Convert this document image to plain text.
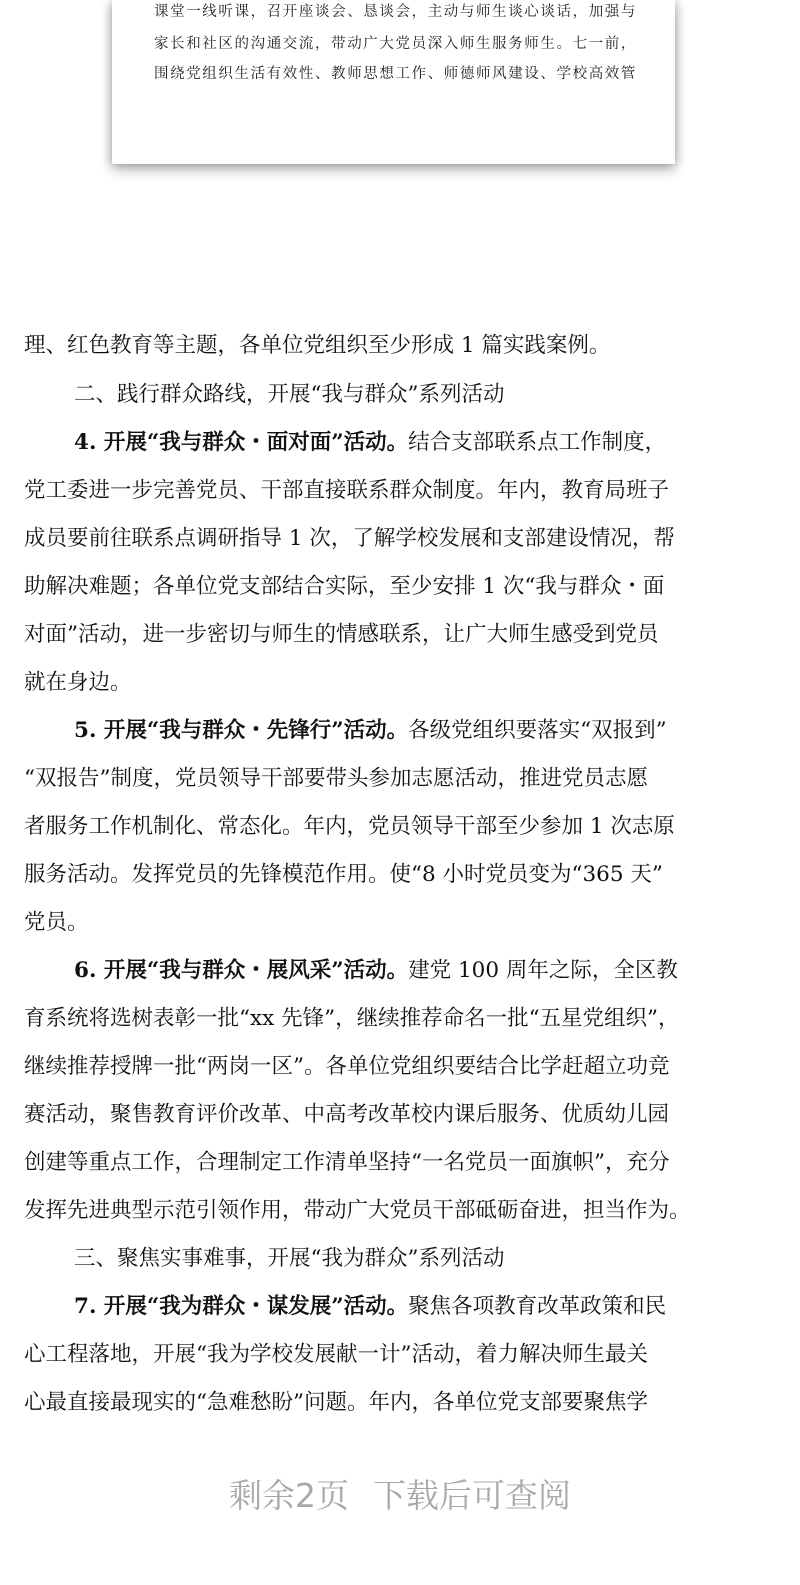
课堂一线听课，召开座谈会、恳谈会，主动与师生谈心谈话，加强与
家长和社区的沟通交流，带动广大党员深入师生服务师生。七一前，
围绕党组织生活有效性、教师思想工作、师德师风建设、学校高效管
理、红色教育等主题，各单位党组织至少形成 1 篇实践案例。
二、践行群众路线，开展“我与群众”系列活动
4. 开展“我与群众・面对面”活动。结合支部联系点工作制度，
党工委进一步完善党员、干部直接联系群众制度。年内，教育局班子
成员要前往联系点调研指导 1 次，了解学校发展和支部建设情况，帮
助解决难题；各单位党支部结合实际，至少安排 1 次“我与群众・面
对面”活动，进一步密切与师生的情感联系，让广大师生感受到党员
就在身边。
5. 开展“我与群众・先锋行”活动。各级党组织要落实“双报到”
“双报告”制度，党员领导干部要带头参加志愿活动，推进党员志愿
者服务工作机制化、常态化。年内，党员领导干部至少参加 1 次志原
服务活动。发挥党员的先锋模范作用。使“8 小时党员变为“365 天”
党员。
6. 开展“我与群众・展风采”活动。建党 100 周年之际，全区教
育系统将选树表彰一批“xx 先锋”，继续推荐命名一批“五星党组织”，
继续推荐授牌一批“两岗一区”。各单位党组织要结合比学赶超立功竞
赛活动，聚售教育评价改革、中高考改革校内课后服务、优质幼儿园
创建等重点工作，合理制定工作清单坚持“一名党员一面旗帜”，充分
发挥先进典型示范引领作用，带动广大党员干部砥砺奋进，担当作为。
三、聚焦实事难事，开展“我为群众”系列活动
7. 开展“我为群众・谋发展”活动。聚焦各项教育改革政策和民
心工程落地，开展“我为学校发展献一计”活动，着力解决师生最关
心最直接最现实的“急难愁盼”问题。年内，各单位党支部要聚焦学
剩余2页 下载后可查阅
